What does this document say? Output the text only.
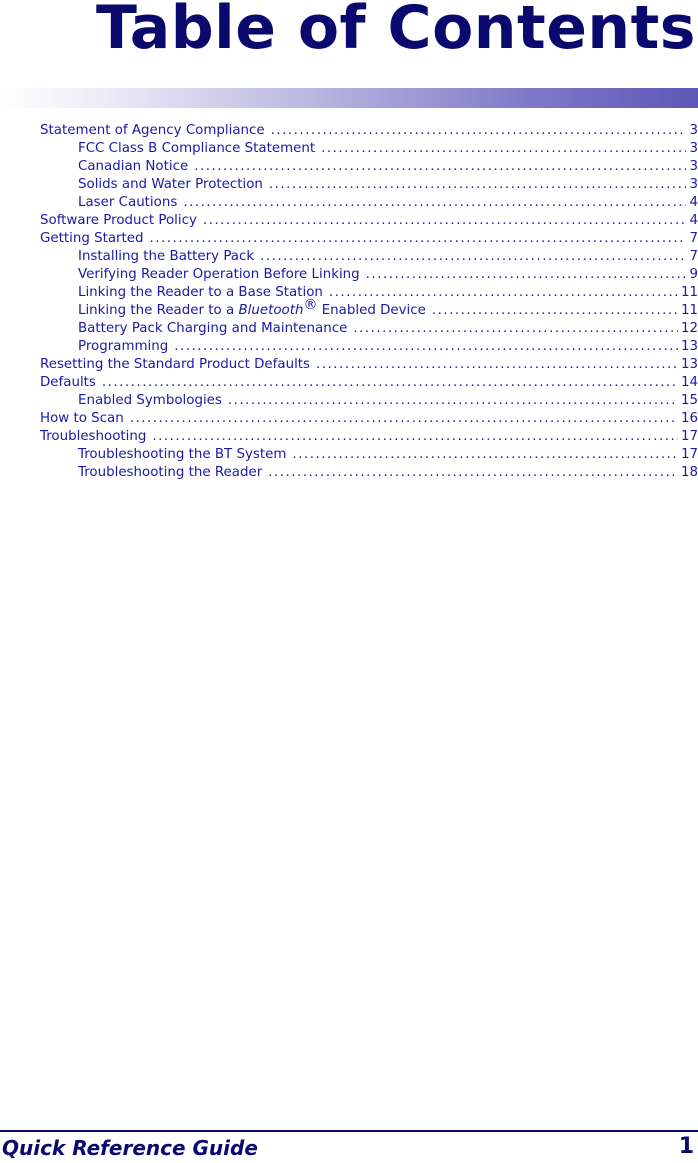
Table of Contents
Statement of Agency Compliance .....	3
FCC Class B Compliance Statement .....	3
Canadian Notice .....	3
Solids and Water Protection .....	3
Laser Cautions .....	4
Software Product Policy .....	4
Getting Started .....	7
Installing the Battery Pack .....	7
Verifying Reader Operation Before Linking .....	9
Linking the Reader to a Base Station .....	11
Linking the Reader to a Bluetooth® Enabled Device .....	11
Battery Pack Charging and Maintenance .....	12
Programming .....	13
Resetting the Standard Product Defaults .....	13
Defaults .....	14
Enabled Symbologies .....	15
How to Scan .....	16
Troubleshooting .....	17
Troubleshooting the BT System .....	17
Troubleshooting the Reader .....	18
Quick Reference Guide	1
